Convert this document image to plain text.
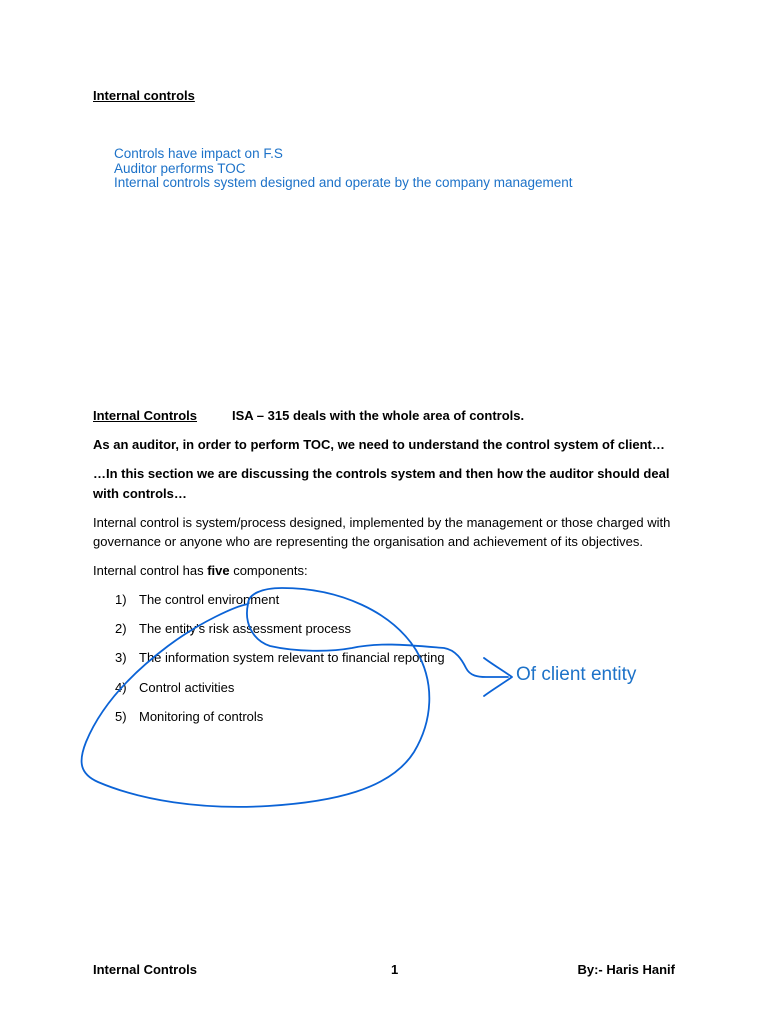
Internal controls
Controls have impact on F.S
Auditor performs TOC
Internal controls system designed and operate by the company management

Internal Controls	ISA – 315 deals with the whole area of controls.

As an auditor, in order to perform TOC, we need to understand the control system of client…

…In this section we are discussing the controls system and then how the auditor should deal with controls…

Internal control is system/process designed, implemented by the management or those charged with governance or anyone who are representing the organisation and achievement of its objectives.

Internal control has five components:

1) The control environment
2) The entity's risk assessment process
3) The information system relevant to financial reporting
4) Control activities
5) Monitoring of controls
Of client entity
Internal Controls	1	By:- Haris Hanif
